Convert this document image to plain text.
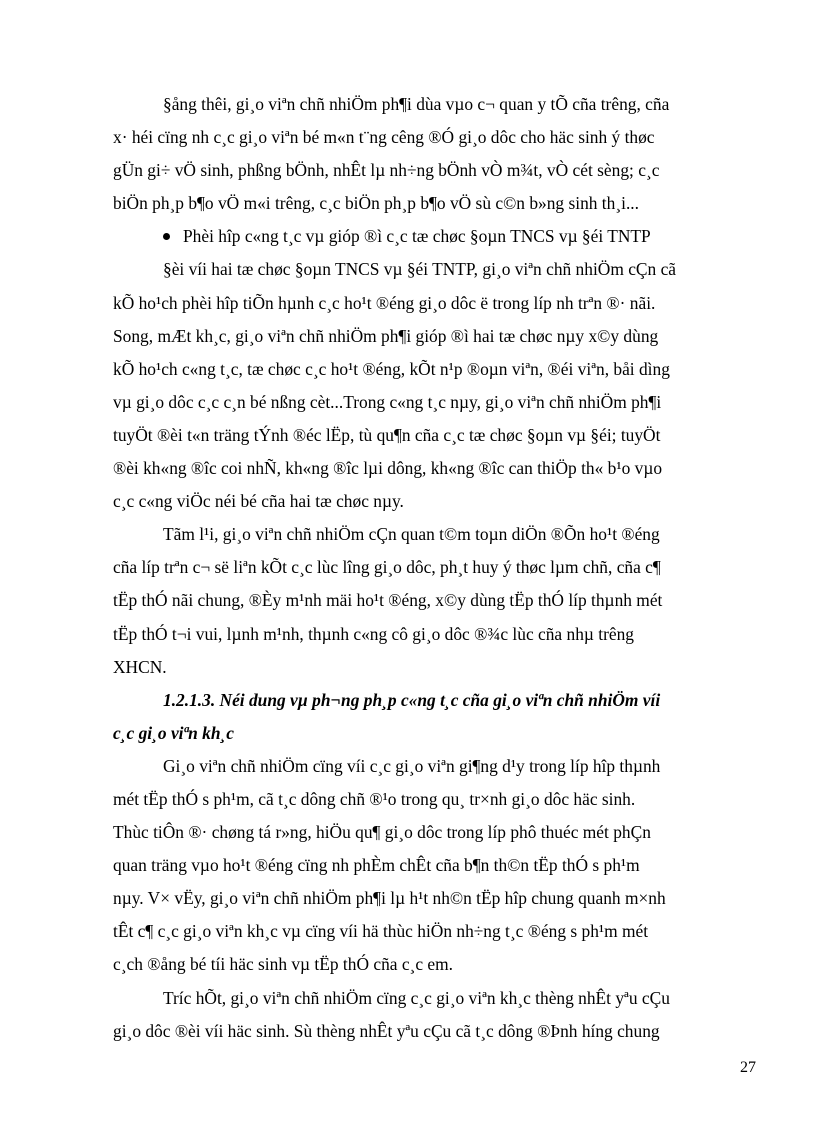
§ång thêi, gi¸o viªn chñ nhiÖm ph¶i dùa vµo c¬ quan y tÕ cña trêng, cña
x· héi cïng nh c¸c gi¸o viªn bé m«n t¨ng cêng ®Ó gi¸o dôc cho häc sinh ý thøc
gÜn gi÷ vÖ sinh, phßng bÖnh, nhÊt lµ nh÷ng bÖnh vÒ m¾t, vÒ cét sèng; c¸c
biÖn ph¸p b¶o vÖ m«i trêng, c¸c biÖn ph¸p b¶o vÖ sù c©n b»ng sinh th¸i...
Phèi hîp c«ng t¸c vµ gióp ®ì c¸c tæ chøc §oµn TNCS vµ §éi TNTP
§èi víi hai tæ chøc §oµn TNCS vµ §éi TNTP, gi¸o viªn chñ nhiÖm cÇn cã
kÕ ho¹ch phèi hîp tiÕn hµnh c¸c ho¹t ®éng gi¸o dôc ë trong líp nh trªn ®· nãi.
Song, mÆt kh¸c, gi¸o viªn chñ nhiÖm ph¶i gióp ®ì hai tæ chøc nµy x©y dùng
kÕ ho¹ch c«ng t¸c, tæ chøc c¸c ho¹t ®éng, kÕt n¹p ®oµn viªn, ®éi viªn, båi dìng
vµ gi¸o dôc c¸c c¸n bé nßng cèt...Trong c«ng t¸c nµy, gi¸o viªn chñ nhiÖm ph¶i
tuyÖt ®èi t«n träng tÝnh ®éc lËp, tù qu¶n cña c¸c tæ chøc §oµn vµ §éi; tuyÖt
®èi kh«ng ®îc coi nhÑ, kh«ng ®îc lµi dông, kh«ng ®îc can thiÖp th« b¹o vµo
c¸c c«ng viÖc néi bé cña hai tæ chøc nµy.
Tãm l¹i, gi¸o viªn chñ nhiÖm cÇn quan t©m toµn diÖn ®Õn ho¹t ®éng
cña líp trªn c¬ së liªn kÕt c¸c lùc lîng gi¸o dôc, ph¸t huy ý thøc lµm chñ, cña c¶
tËp thÓ nãi chung, ®Èy m¹nh mäi ho¹t ®éng, x©y dùng tËp thÓ líp thµnh mét
tËp thÓ t¬i vui, lµnh m¹nh, thµnh c«ng cô gi¸o dôc ®¾c lùc cña nhµ trêng
XHCN.
1.2.1.3. Néi dung vµ ph¬ng ph¸p c«ng t¸c cña gi¸o viªn chñ nhiÖm víi
c¸c gi¸o viªn kh¸c
Gi¸o viªn chñ nhiÖm cïng víi c¸c gi¸o viªn gi¶ng d¹y trong líp hîp thµnh
mét tËp thÓ s ph¹m, cã t¸c dông chñ ®¹o trong qu¸ tr×nh gi¸o dôc häc sinh.
Thùc tiÔn ®· chøng tá r»ng, hiÖu qu¶ gi¸o dôc trong líp phô thuéc mét phÇn
quan träng vµo ho¹t ®éng cïng nh phÈm chÊt cña b¶n th©n tËp thÓ s ph¹m
nµy. V× vËy, gi¸o viªn chñ nhiÖm ph¶i lµ h¹t nh©n tËp hîp chung quanh m×nh
tÊt c¶ c¸c gi¸o viªn kh¸c vµ cïng víi hä thùc hiÖn nh÷ng t¸c ®éng s ph¹m mét
c¸ch ®ång bé tíi häc sinh vµ tËp thÓ cña c¸c em.
Tríc hÕt, gi¸o viªn chñ nhiÖm cïng c¸c gi¸o viªn kh¸c thèng nhÊt yªu cÇu
gi¸o dôc ®èi víi häc sinh. Sù thèng nhÊt yªu cÇu cã t¸c dông ®Þnh híng chung
27
